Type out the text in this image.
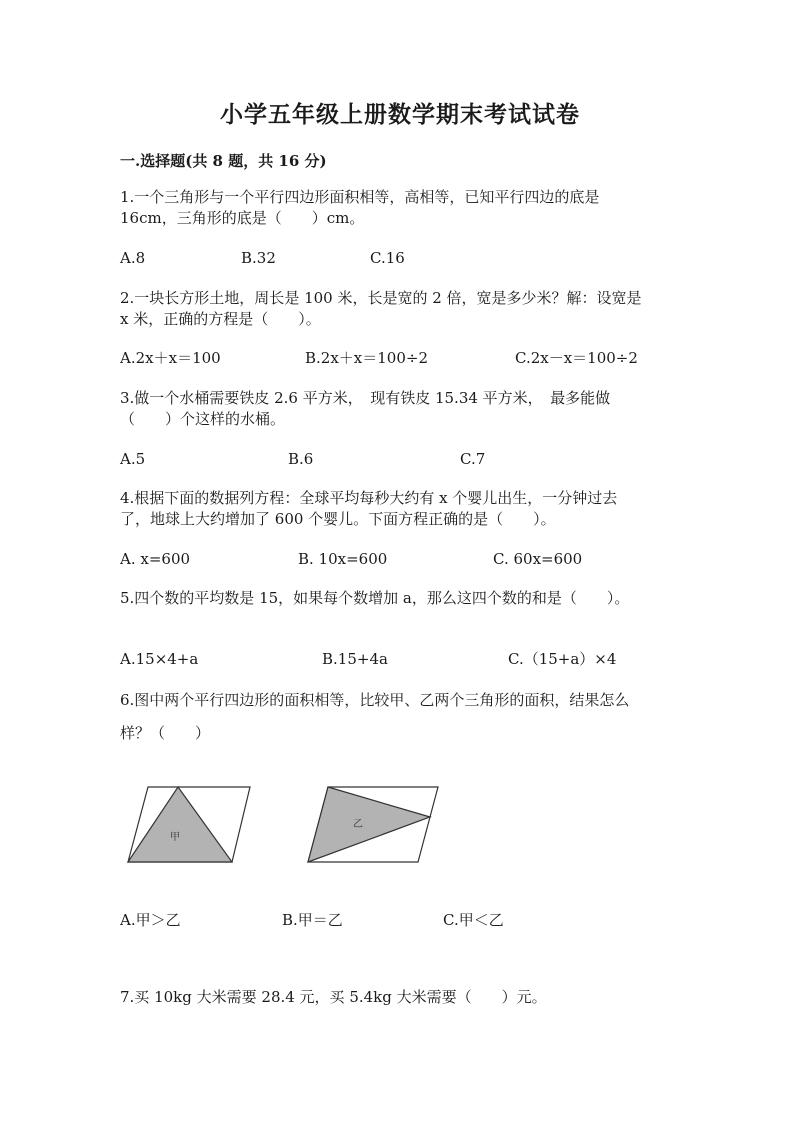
小学五年级上册数学期末考试试卷
一.选择题(共 8 题，共 16 分)
1.一个三角形与一个平行四边形面积相等，高相等，已知平行四边的底是
16cm，三角形的底是（　　）cm。
A.8	B.32	C.16
2.一块长方形土地，周长是 100 米，长是宽的 2 倍，宽是多少米？解：设宽是
x 米，正确的方程是（　　）。
A.2x＋x＝100	B.2x＋x＝100÷2	C.2x－x＝100÷2
3.做一个水桶需要铁皮 2.6 平方米，　现有铁皮 15.34 平方米，　最多能做
（　　）个这样的水桶。
A.5	B.6	C.7
4.根据下面的数据列方程：全球平均每秒大约有 x 个婴儿出生，一分钟过去
了，地球上大约增加了 600 个婴儿。下面方程正确的是（　　）。
A. x=600	B. 10x=600	C. 60x=600
5.四个数的平均数是 15，如果每个数增加 a，那么这四个数的和是（　　）。
A.15×4+a	B.15+4a	C.（15+a）×4
6.图中两个平行四边形的面积相等，比较甲、乙两个三角形的面积，结果怎么
样？（　　）
甲
乙
A.甲＞乙	B.甲＝乙	C.甲＜乙
7.买 10kg 大米需要 28.4 元，买 5.4kg 大米需要（　　）元。
